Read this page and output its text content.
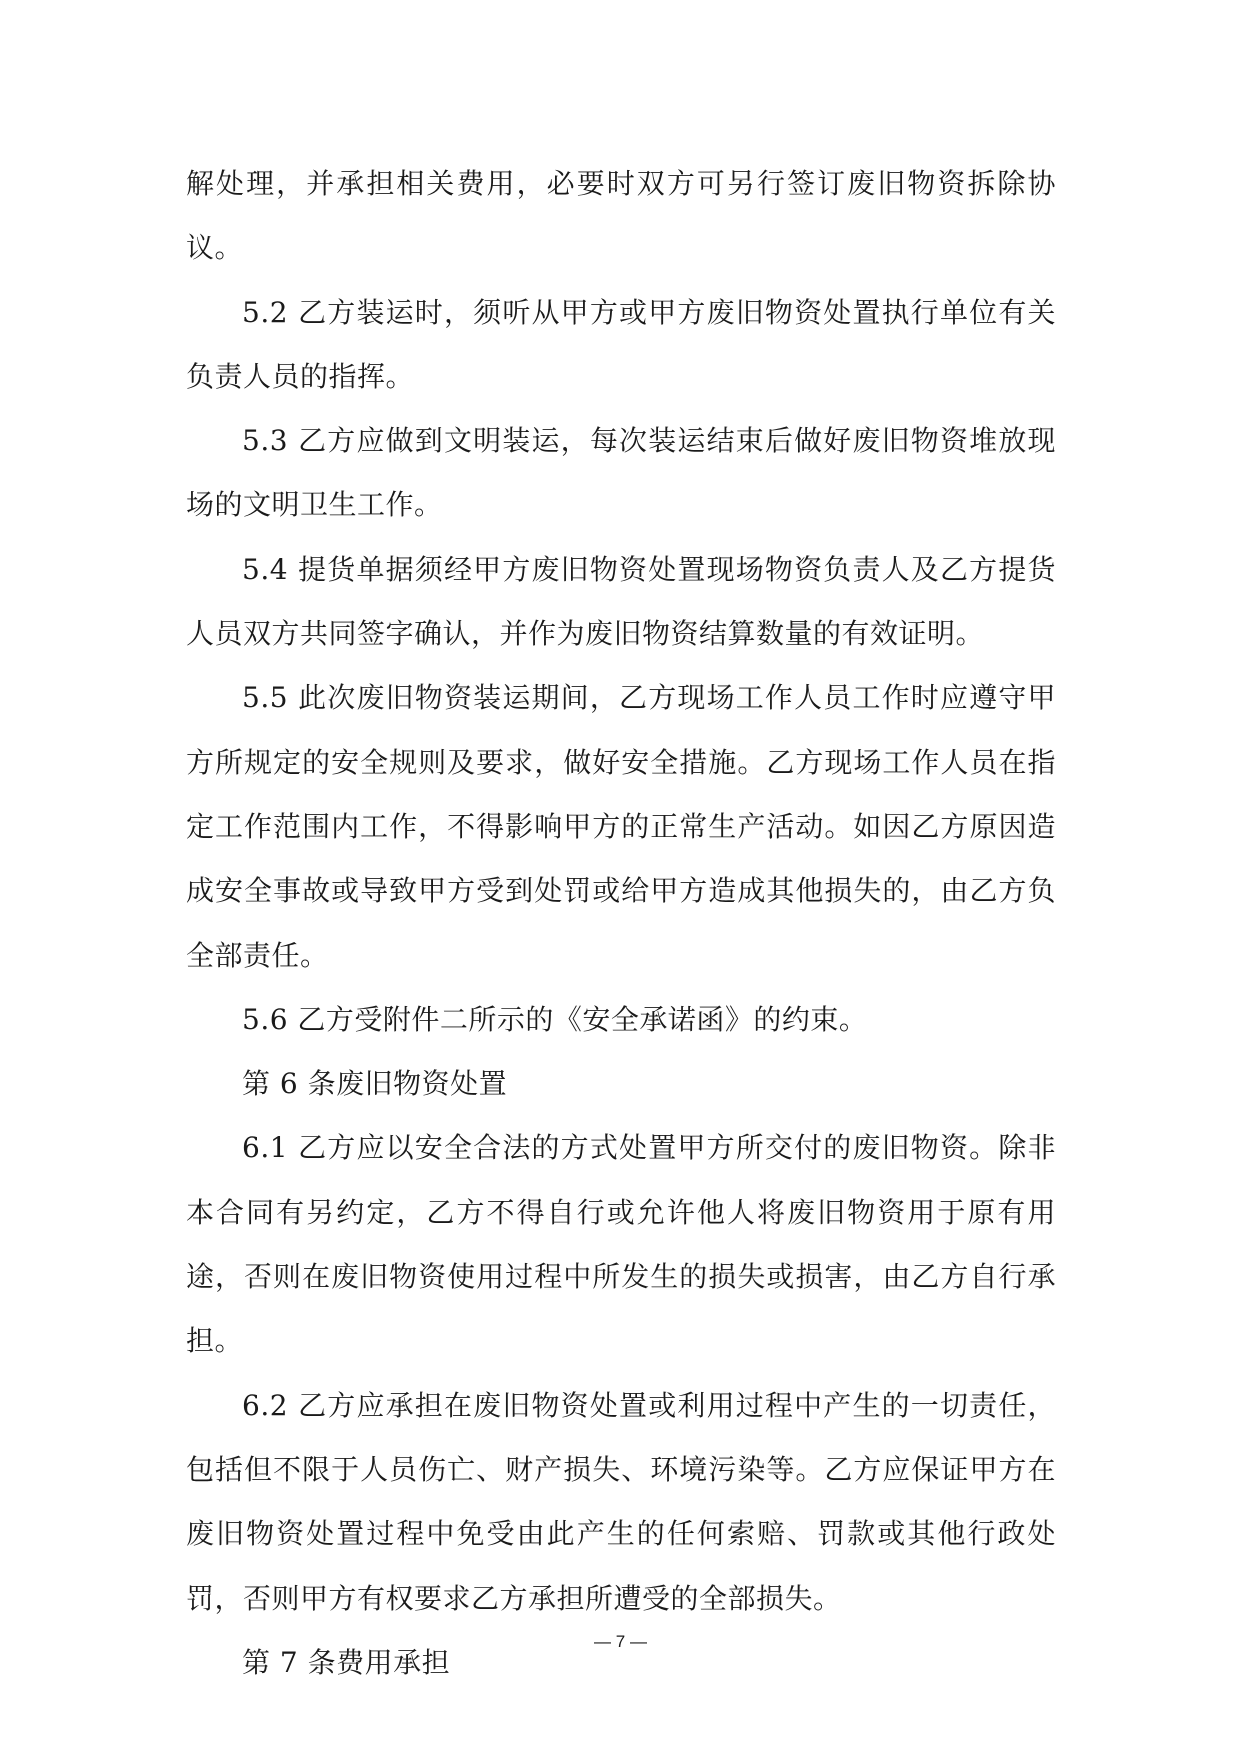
解处理，并承担相关费用，必要时双方可另行签订废旧物资拆除协议。

5.2 乙方装运时，须听从甲方或甲方废旧物资处置执行单位有关负责人员的指挥。

5.3 乙方应做到文明装运，每次装运结束后做好废旧物资堆放现场的文明卫生工作。

5.4 提货单据须经甲方废旧物资处置现场物资负责人及乙方提货人员双方共同签字确认，并作为废旧物资结算数量的有效证明。

5.5 此次废旧物资装运期间，乙方现场工作人员工作时应遵守甲方所规定的安全规则及要求，做好安全措施。乙方现场工作人员在指定工作范围内工作，不得影响甲方的正常生产活动。如因乙方原因造成安全事故或导致甲方受到处罚或给甲方造成其他损失的，由乙方负全部责任。

5.6 乙方受附件二所示的《安全承诺函》的约束。

第 6 条废旧物资处置

6.1 乙方应以安全合法的方式处置甲方所交付的废旧物资。除非本合同有另约定，乙方不得自行或允许他人将废旧物资用于原有用途，否则在废旧物资使用过程中所发生的损失或损害，由乙方自行承担。

6.2 乙方应承担在废旧物资处置或利用过程中产生的一切责任，包括但不限于人员伤亡、财产损失、环境污染等。乙方应保证甲方在废旧物资处置过程中免受由此产生的任何索赔、罚款或其他行政处罚，否则甲方有权要求乙方承担所遭受的全部损失。

第 7 条费用承担

— 7 —
